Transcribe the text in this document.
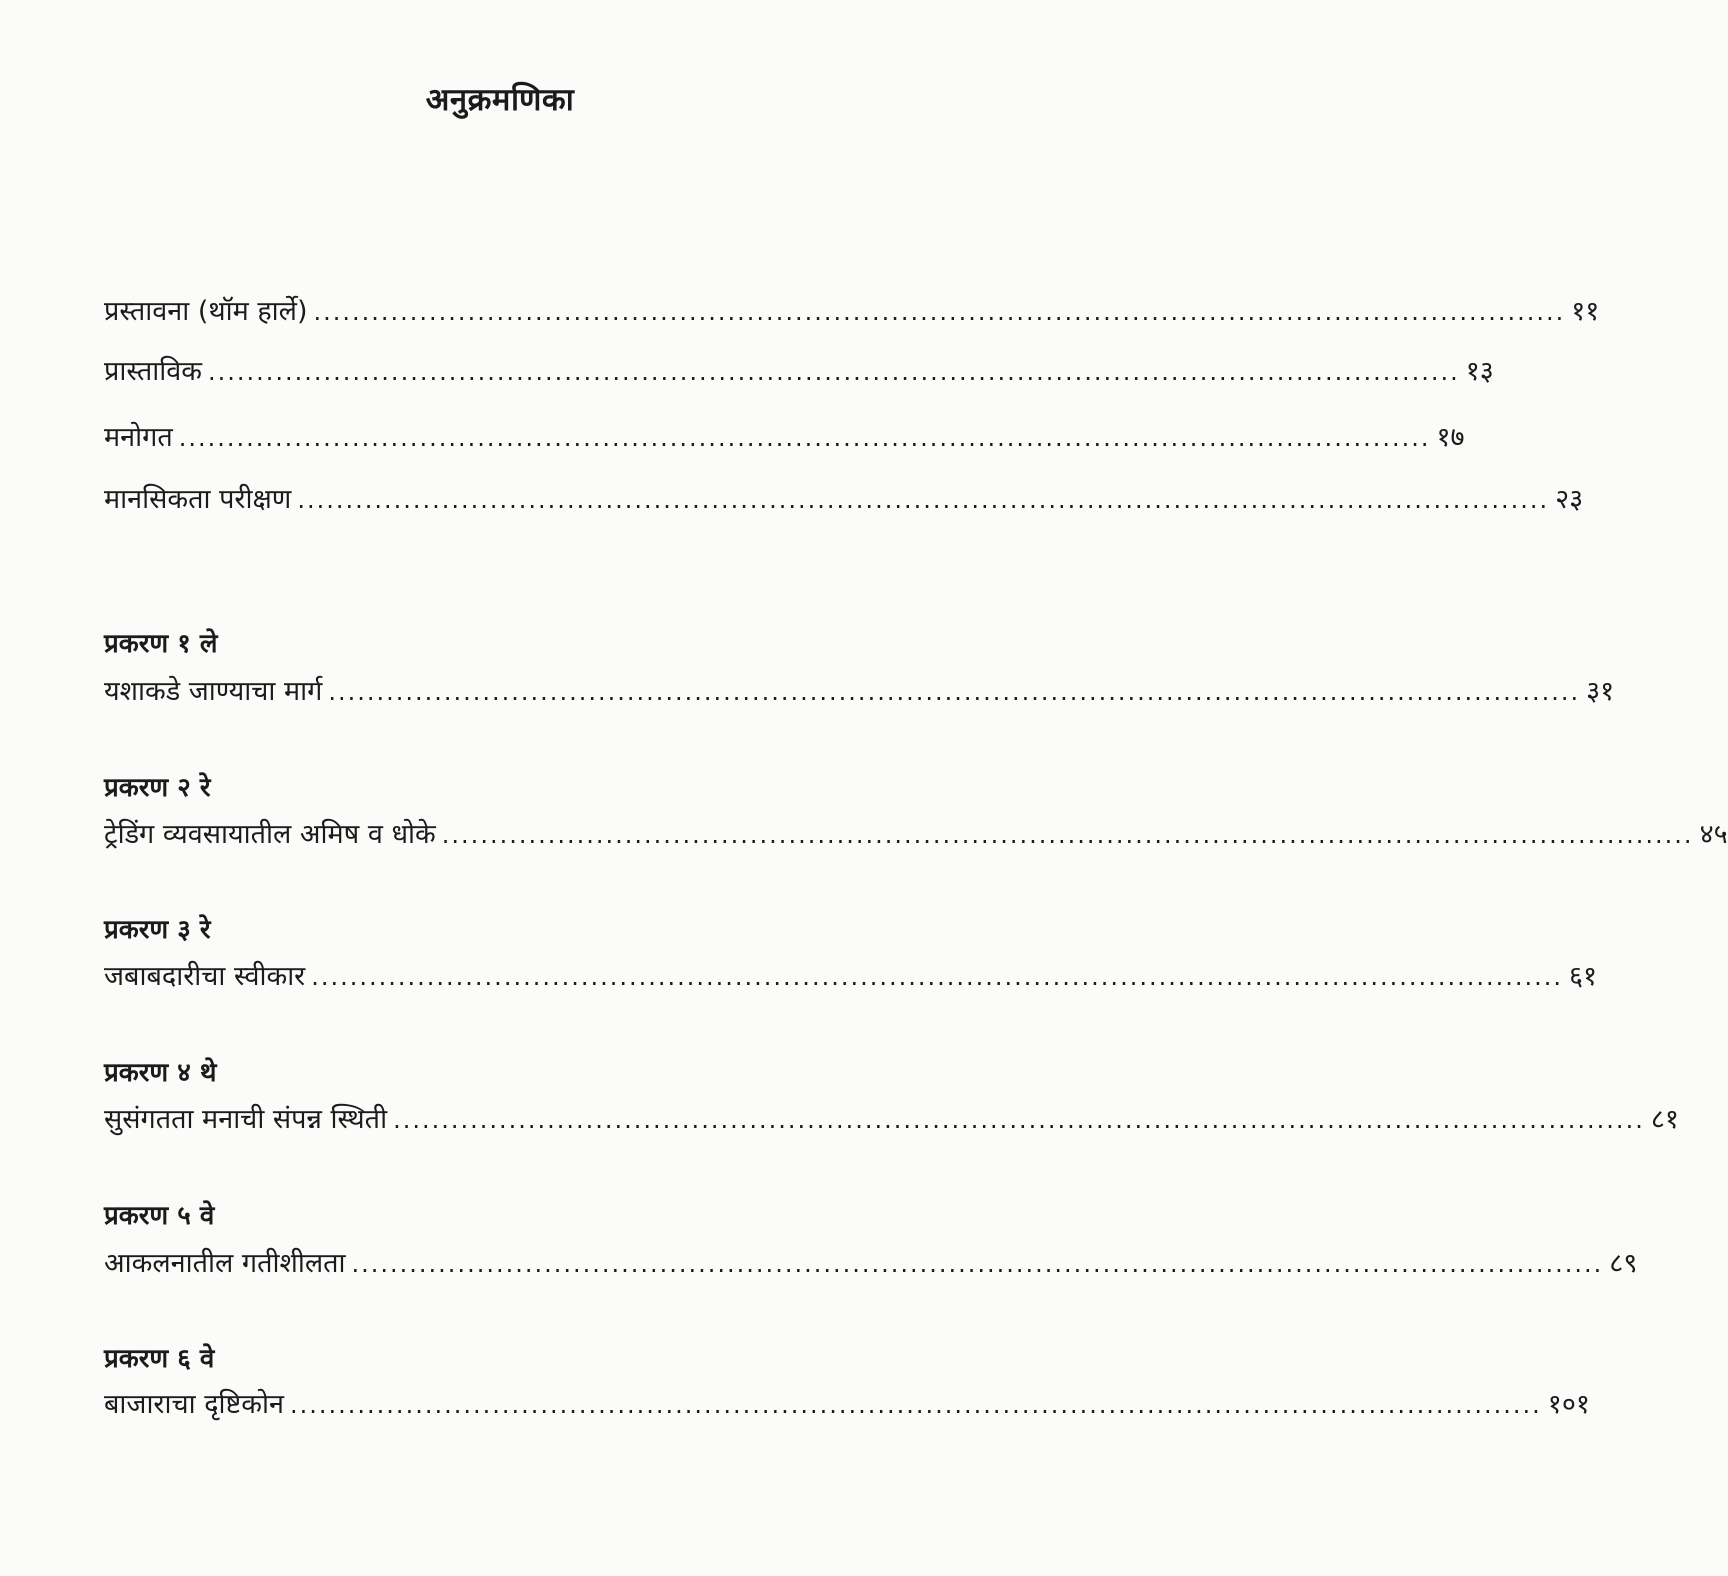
अनुक्रमणिका
प्रस्तावना (थॉम हार्ले) .................................................................................................................................. ११
प्रास्ताविक .................................................................................................................................. १३
मनोगत .................................................................................................................................. १७
मानसिकता परीक्षण .................................................................................................................................. २३
प्रकरण १ ले
यशाकडे जाण्याचा मार्ग .................................................................................................................................. ३१
प्रकरण २ रे
ट्रेडिंग व्यवसायातील अमिष व धोके .................................................................................................................................. ४५
प्रकरण ३ रे
जबाबदारीचा स्वीकार .................................................................................................................................. ६१
प्रकरण ४ थे
सुसंगतता मनाची संपन्न स्थिती .................................................................................................................................. ८१
प्रकरण ५ वे
आकलनातील गतीशीलता .................................................................................................................................. ८९
प्रकरण ६ वे
बाजाराचा दृष्टिकोन .................................................................................................................................. १०१
